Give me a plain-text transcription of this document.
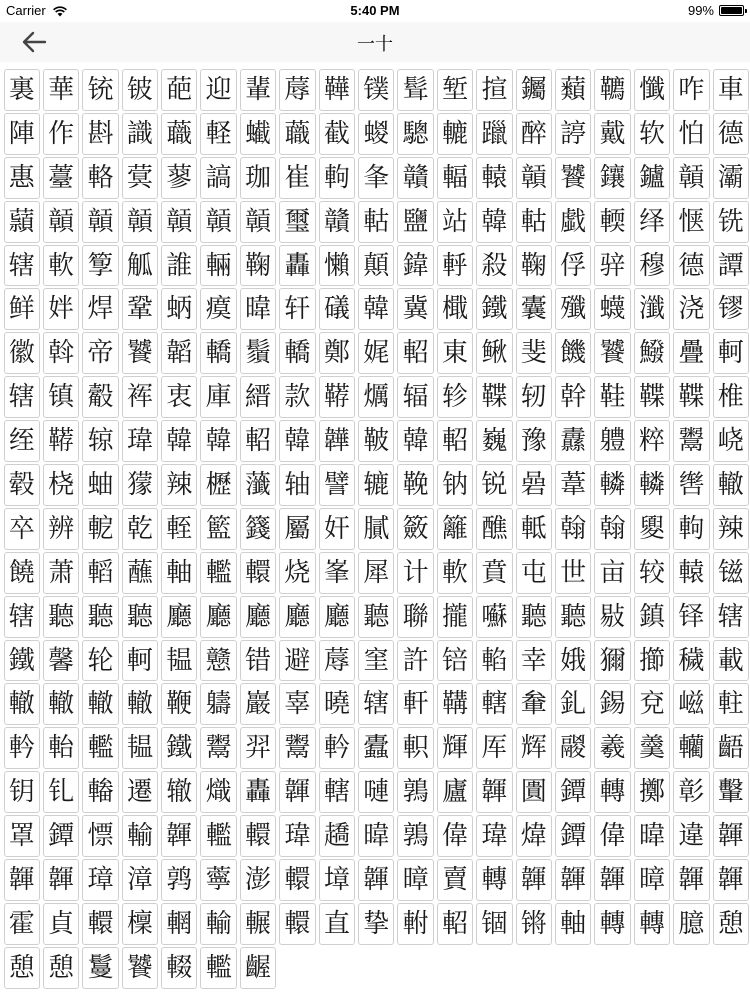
Carrier	5:40 PM	99%
一十
裏 華 铳 铍 葩 迎 輩 蓐 鞾 镤 髶 堑 揎 钃 蘱 韀 懺 咋 車
陣 作 斟 識 蘵 軽 蠘 蘵 截 蝬 驄 轆 躐 醉 諪 戴 软 怕 德
惠 薹 輅 蓂 蓼 謞 珈 崔 軥 夆 贛 輻 轅 贑 饕 鑲 鑪 贑 灞
蘏 贑 贑 贑 贑 贑 贑 璽 贛 軲 鹽 站 韓 軲 戱 輭 绎 惬 铣
辖 軟 箰 觚 誰 輛 鞠 轟 懶 顛 鍏 軤 殺 鞠 俘 骍 穆 德 譚
鲜 姅 焊 鞏 蛃 瘼 暐 轩 礒 韓 冀 檝 鐵 囊 殲 蠛 瀸 浇 镠
徽 斡 帝 饕 韜 轎 鬚 轎 鄭 娓 軺 東 鳅 斐 饑 饕 鱍 疊 軻
辖 镇 觳 裈 衷 庫 縉 款 鞯 爄 辐 轸 鞢 轫 幹 鞋 鞢 鞢 椎
绖 鞯 辌 瑋 韓 韓 軺 韓 韡 鞁 韓 軺 巍 豫 纛 軆 粹 鬻 峣
毂 桡 蚰 獴 辣 櫪 虃 轴 譬 辘 鞔 钠 锐 碞 葦 轔 轔 辔 轍
卒 辨 軶 乾 輊 籃 籛 屬 奸 膩 籢 籬 醮 軧 翰 翰 夓 軥 辣
饒 萧 轁 蘸 軸 轞 轘 烧 峯 犀 计 軟 賁 屯 世 亩 较 轅 镃
辖 聽 聽 聽 廳 廳 廳 廳 廳 聽 聯 攏 囌 聽 聽 敡 鎮 铎 辖
鐵 馨 轮 軻 韫 戆 错 避 蓐 窐 許 锫 輡 幸 娥 獮 擳 穢 載
轍 轍 轍 轍 鞭 軇 巖 辜 曉 辖 軒 鞲 轄 軬 釓 錫 兗 嵫 軴
軡 軩 轞 韫 鐵 鬻 羿 鬻 軡 蠹 軹 輝 厍 辉 鬷 羲 羹 轥 齬
钥 钆 輽 遷 辙 熾 轟 韗 轄 嗹 鶉 廬 韗 圚 鐔 轉 擲 彰 轚
罩 鐔 慓 輸 韗 轞 轘 瑋 趫 暐 鶉 偉 瑋 煒 鐔 偉 暐 違 韗
韗 韗 璋 漳 鹑 薴 澎 轘 墇 韗 暲 賣 轉 韗 韗 韗 暲 韗 韗
霍 貞 轘 檁 輞 輸 輾 轘 直 挚 軵 軺 锢 锵 軸 轉 轉 臆 憩
憩 憩 鬘 饕 輟 轞 齷
